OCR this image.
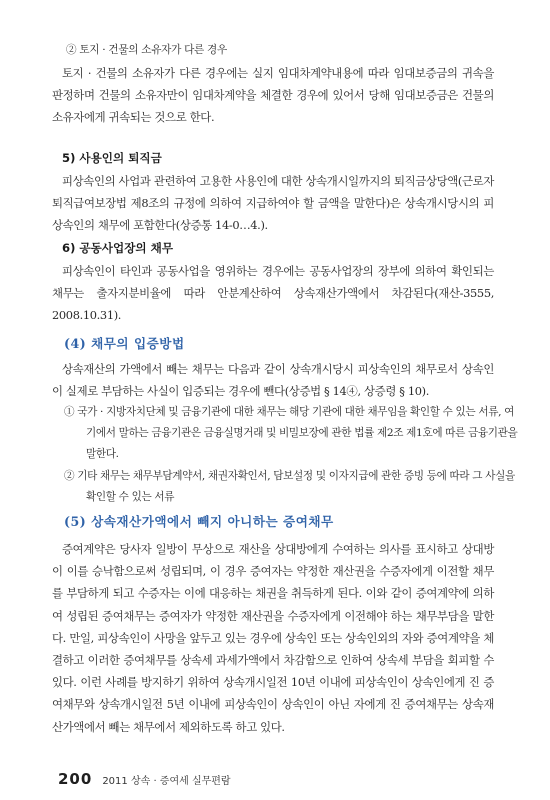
② 토지 · 건물의 소유자가 다른 경우

토지 · 건물의 소유자가 다른 경우에는 실지 임대차계약내용에 따라 임대보증금의 귀속을 판정하며 건물의 소유자만이 임대차계약을 체결한 경우에 있어서 당해 임대보증금은 건물의 소유자에게 귀속되는 것으로 한다.

5) 사용인의 퇴직금

피상속인의 사업과 관련하여 고용한 사용인에 대한 상속개시일까지의 퇴직금상당액(근로자퇴직급여보장법 제8조의 규정에 의하여 지급하여야 할 금액을 말한다)은 상속개시당시의 피상속인의 채무에 포함한다(상증통 14-0…4.).

6) 공동사업장의 채무

피상속인이 타인과 공동사업을 영위하는 경우에는 공동사업장의 장부에 의하여 확인되는 채무는 출자지분비율에 따라 안분계산하여 상속재산가액에서 차감된다(재산-3555, 2008.10.31).

(4) 채무의 입증방법

상속재산의 가액에서 빼는 채무는 다음과 같이 상속개시당시 피상속인의 채무로서 상속인이 실제로 부담하는 사실이 입증되는 경우에 뺀다(상증법 § 14④, 상증령 § 10).

① 국가 · 지방자치단체 및 금융기관에 대한 채무는 해당 기관에 대한 채무임을 확인할 수 있는 서류, 여기에서 말하는 금융기관은 금융실명거래 및 비밀보장에 관한 법률 제2조 제1호에 따른 금융기관을 말한다.

② 기타 채무는 채무부담계약서, 채권자확인서, 담보설정 및 이자지급에 관한 증빙 등에 따라 그 사실을 확인할 수 있는 서류

(5) 상속재산가액에서 빼지 아니하는 증여채무

증여계약은 당사자 일방이 무상으로 재산을 상대방에게 수여하는 의사를 표시하고 상대방이 이를 승낙함으로써 성립되며, 이 경우 증여자는 약정한 재산권을 수증자에게 이전할 채무를 부담하게 되고 수증자는 이에 대응하는 채권을 취득하게 된다. 이와 같이 증여계약에 의하여 성립된 증여채무는 증여자가 약정한 재산권을 수증자에게 이전해야 하는 채무부담을 말한다. 만일, 피상속인이 사망을 앞두고 있는 경우에 상속인 또는 상속인외의 자와 증여계약을 체결하고 이러한 증여채무를 상속세 과세가액에서 차감함으로 인하여 상속세 부담을 회피할 수 있다. 이런 사례를 방지하기 위하여 상속개시일전 10년 이내에 피상속인이 상속인에게 진 증여채무와 상속개시일전 5년 이내에 피상속인이 상속인이 아닌 자에게 진 증여채무는 상속재산가액에서 빼는 채무에서 제외하도록 하고 있다.

200 2011 상속 · 증여세 실무편람
